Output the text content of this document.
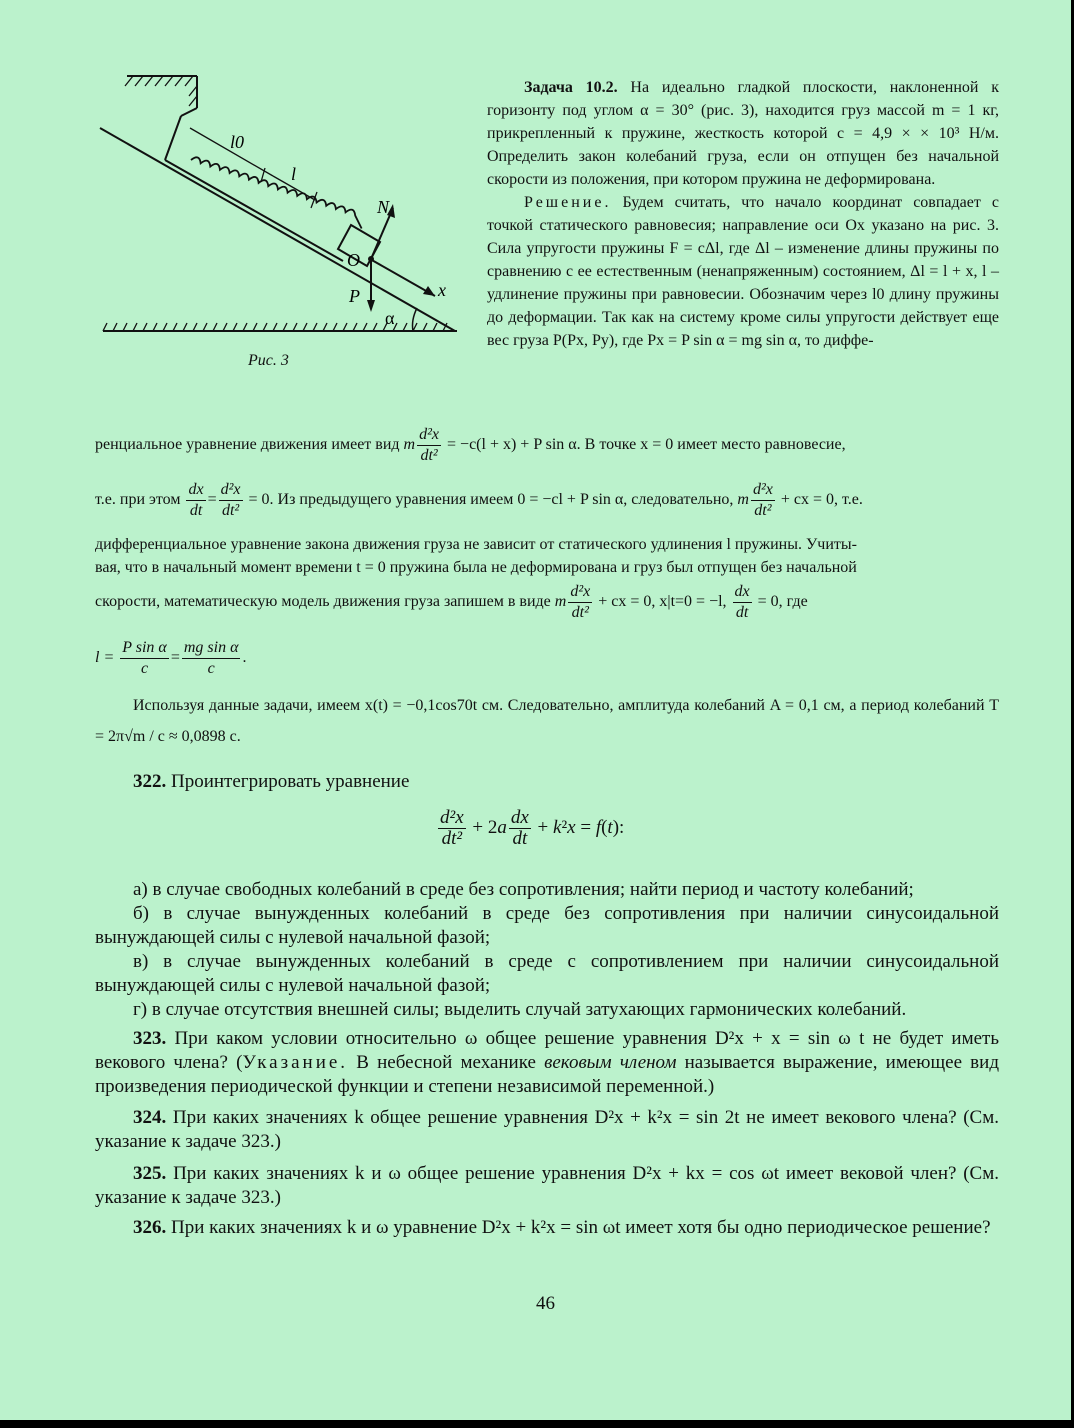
l0
l
N
O
P	x
α
Рис. 3

Задача 10.2. На идеально гладкой плоскости, наклоненной к горизонту под углом α = 30° (рис. 3), находится груз массой m = 1 кг, прикрепленный к пружине, жесткость которой c = 4,9 × × 10³ Н/м. Определить закон колебаний груза, если он отпущен без начальной скорости из положения, при котором пружина не деформирована.

Решение. Будем считать, что начало координат совпадает с точкой статического равновесия; направление оси Ox указано на рис. 3. Сила упругости пружины F = cΔl, где Δl – изменение длины пружины по сравнению с ее естественным (ненапряженным) состоянием, Δl = l + x, l – удлинение пружины при равновесии. Обозначим через l0 длину пружины до деформации. Так как на систему кроме силы упругости действует еще вес груза P(Px, Py), где Px = P sin α = mg sin α, то диффе-

ренциальное уравнение движения имеет вид m $\frac{\text{d²x}}{\text{dt²}} = -c(l + x) + P$ sin α. В точке x = 0 имеет место равновесие,
т.е. при этом $\frac{dx}{dt} = \frac{\text{d²x}}{\text{dt²}} = 0$. Из предыдущего уравнения имеем 0 = −cl + P sin α, следовательно, m $\frac{\text{d²x}}{\text{dt²}}$ + cx = 0, т.е.
дифференциальное уравнение закона движения груза не зависит от статического удлинения l пружины. Учиты-
вая, что в начальный момент времени t = 0 пружина была не деформирована и груз был отпущен без начальной
скорости, математическую модель движения груза запишем в виде m $\frac{\text{d²x}}{\text{dt²}}$ + cx = 0, x|t=0 = −l, $\frac{dx}{dt} = 0$, где
$l = \frac{\text{P sin α}}{c} = \frac{\text{mg sin α}}{c}$ .
Используя данные задачи, имеем x(t) = −0,1cos70t см. Следовательно, амплитуда колебаний A = 0,1 см, а период колебаний T = 2π√m / c ≈ 0,0898 с.

322. Проинтегрировать уравнение

$\frac{\text{d²x}}{\text{dt²}} + 2a \frac{dx}{dt} + k^2x = f(t)$:

а) в случае свободных колебаний в среде без сопротивления; найти период и частоту колебаний;

б) в случае вынужденных колебаний в среде без сопротивления при наличии синусоидальной вынуждающей силы с нулевой начальной фазой;

в) в случае вынужденных колебаний в среде с сопротивлением при наличии синусоидальной вынуждающей силы с нулевой начальной фазой;

г) в случае отсутствия внешней силы; выделить случай затухающих гармонических колебаний.

323. При каком условии относительно ω общее решение уравнения D²x + x = sin ω t не будет иметь векового члена? (Указание. В небесной механике вековым членом называется выражение, имеющее вид произведения периодической функции и степени независимой переменной.)

324. При каких значениях k общее решение уравнения D²x + k²x = sin 2t не имеет векового члена? (См. указание к задаче 323.)

325. При каких значениях k и ω общее решение уравнения D²x + kx = cos ωt имеет вековой член? (См. указание к задаче 323.)

326. При каких значениях k и ω уравнение D²x + k²x = sin ωt имеет хотя бы одно периодическое решение?

46
